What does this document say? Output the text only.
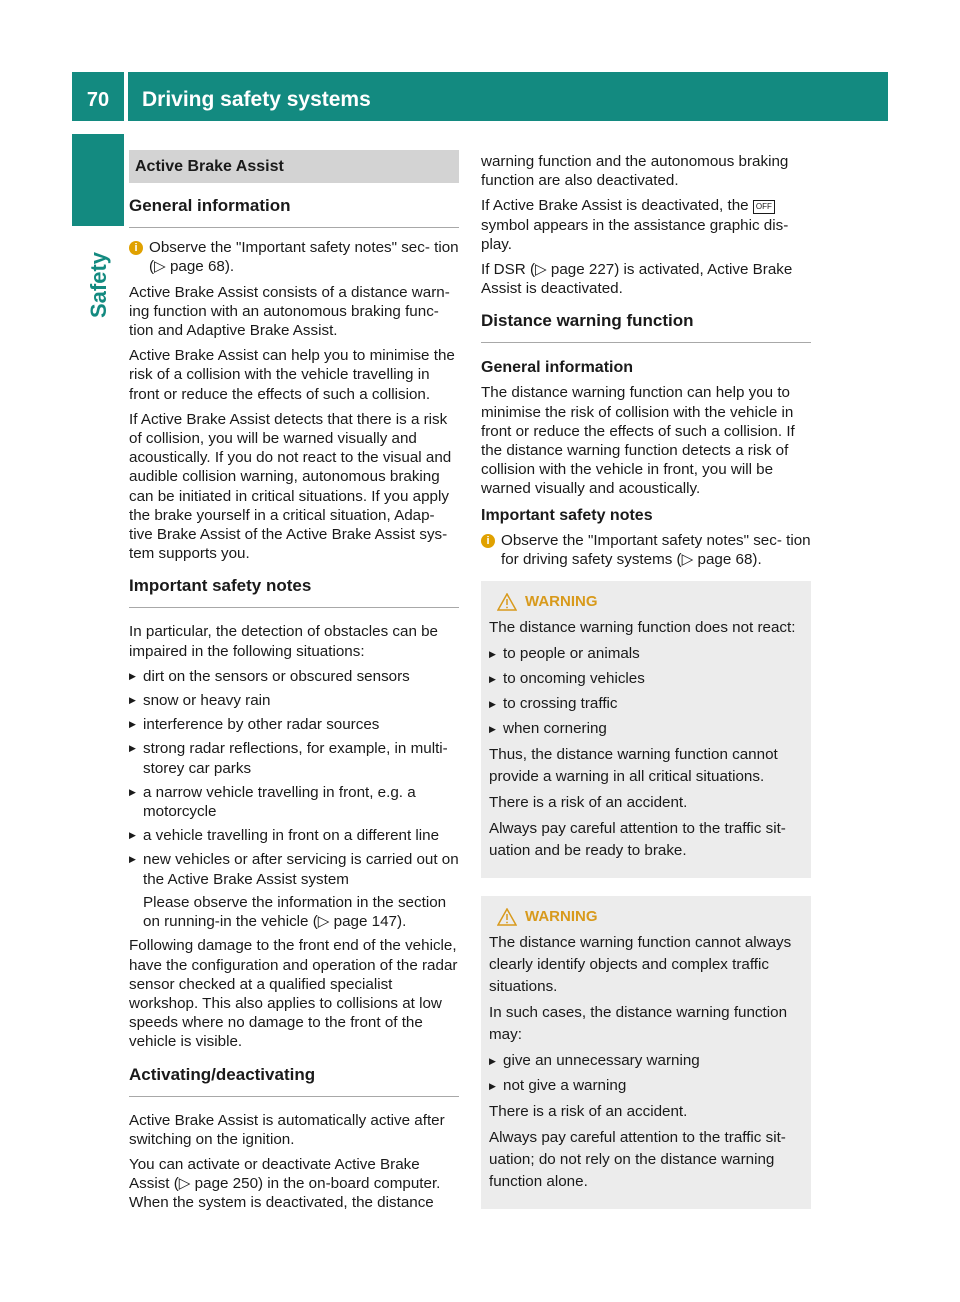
70	Driving safety systems
Safety
Active Brake Assist
General information
i Observe the "Important safety notes" sec- tion (▷ page 68).

Active Brake Assist consists of a distance warn- ing function with an autonomous braking func- tion and Adaptive Brake Assist.

Active Brake Assist can help you to minimise the risk of a collision with the vehicle travelling in front or reduce the effects of such a collision.

If Active Brake Assist detects that there is a risk of collision, you will be warned visually and acoustically. If you do not react to the visual and audible collision warning, autonomous braking can be initiated in critical situations. If you apply the brake yourself in a critical situation, Adap- tive Brake Assist of the Active Brake Assist sys- tem supports you.

Important safety notes

In particular, the detection of obstacles can be impaired in the following situations:

▶ dirt on the sensors or obscured sensors
▶ snow or heavy rain
▶ interference by other radar sources
▶ strong radar reflections, for example, in multi- storey car parks
▶ a narrow vehicle travelling in front, e.g. a motorcycle
▶ a vehicle travelling in front on a different line
▶ new vehicles or after servicing is carried out on the Active Brake Assist system
Please observe the information in the section on running-in the vehicle (▷ page 147).

Following damage to the front end of the vehicle, have the configuration and operation of the radar sensor checked at a qualified specialist workshop. This also applies to collisions at low speeds where no damage to the front of the vehicle is visible.

Activating/deactivating

Active Brake Assist is automatically active after switching on the ignition.

You can activate or deactivate Active Brake Assist (▷ page 250) in the on-board computer. When the system is deactivated, the distance

warning function and the autonomous braking function are also deactivated.

If Active Brake Assist is deactivated, the OFF symbol appears in the assistance graphic dis- play.

If DSR (▷ page 227) is activated, Active Brake Assist is deactivated.

Distance warning function
General information

The distance warning function can help you to minimise the risk of collision with the vehicle in front or reduce the effects of such a collision. If the distance warning function detects a risk of collision with the vehicle in front, you will be warned visually and acoustically.

Important safety notes
i Observe the "Important safety notes" sec- tion for driving safety systems (▷ page 68).
WARNING

The distance warning function does not react:

▶ to people or animals
▶ to oncoming vehicles
▶ to crossing traffic
▶ when cornering

Thus, the distance warning function cannot provide a warning in all critical situations.

There is a risk of an accident.

Always pay careful attention to the traffic sit- uation and be ready to brake.

WARNING

The distance warning function cannot always clearly identify objects and complex traffic situations.

In such cases, the distance warning function may:

▶ give an unnecessary warning
▶ not give a warning

There is a risk of an accident.

Always pay careful attention to the traffic sit- uation; do not rely on the distance warning function alone.
